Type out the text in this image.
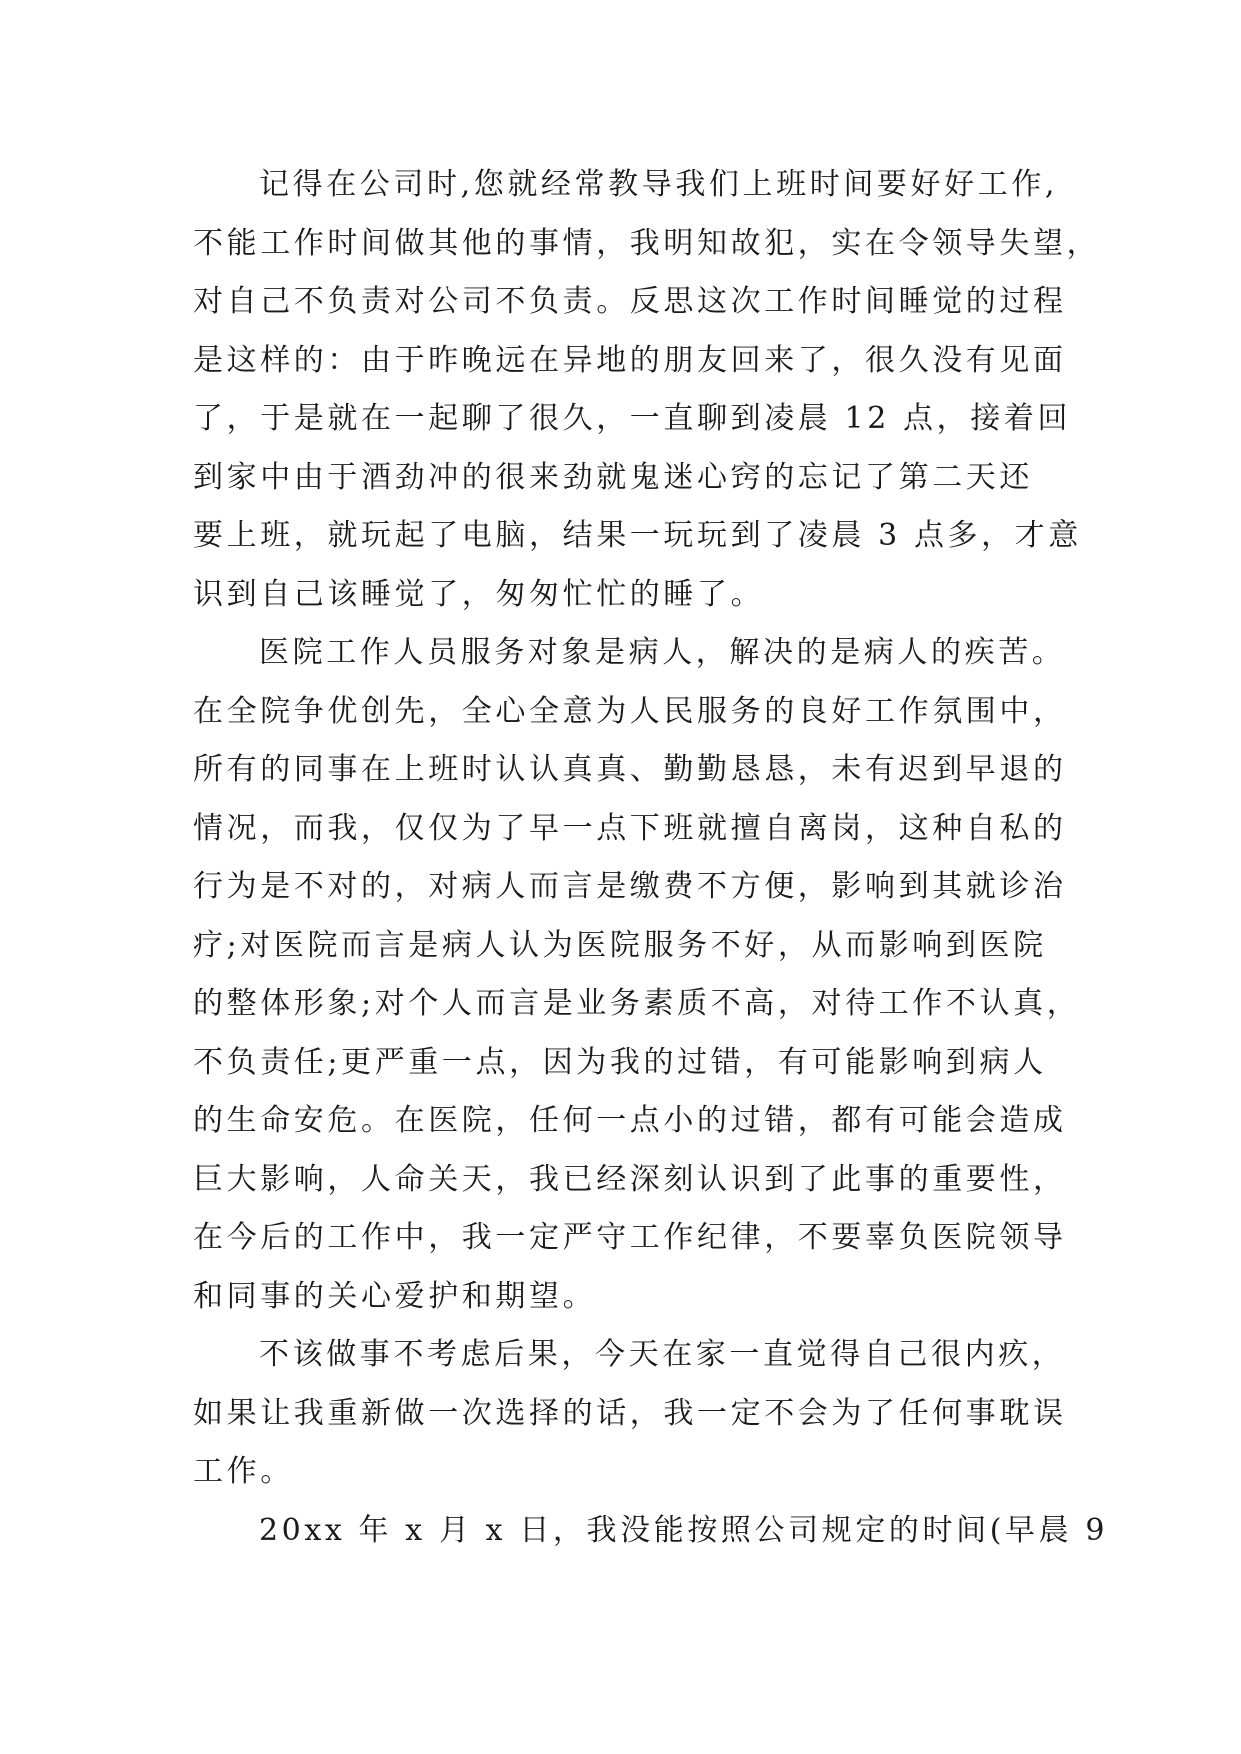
记得在公司时,您就经常教导我们上班时间要好好工作,
不能工作时间做其他的事情，我明知故犯，实在令领导失望，
对自己不负责对公司不负责。反思这次工作时间睡觉的过程
是这样的：由于昨晚远在异地的朋友回来了，很久没有见面
了，于是就在一起聊了很久，一直聊到凌晨 12 点，接着回
到家中由于酒劲冲的很来劲就鬼迷心窍的忘记了第二天还
要上班，就玩起了电脑，结果一玩玩到了凌晨 3 点多，才意
识到自己该睡觉了，匆匆忙忙的睡了。
医院工作人员服务对象是病人，解决的是病人的疾苦。
在全院争优创先，全心全意为人民服务的良好工作氛围中，
所有的同事在上班时认认真真、勤勤恳恳，未有迟到早退的
情况，而我，仅仅为了早一点下班就擅自离岗，这种自私的
行为是不对的，对病人而言是缴费不方便，影响到其就诊治
疗;对医院而言是病人认为医院服务不好，从而影响到医院
的整体形象;对个人而言是业务素质不高，对待工作不认真，
不负责任;更严重一点，因为我的过错，有可能影响到病人
的生命安危。在医院，任何一点小的过错，都有可能会造成
巨大影响，人命关天，我已经深刻认识到了此事的重要性，
在今后的工作中，我一定严守工作纪律，不要辜负医院领导
和同事的关心爱护和期望。
不该做事不考虑后果，今天在家一直觉得自己很内疚，
如果让我重新做一次选择的话，我一定不会为了任何事耽误
工作。
20xx 年 x 月 x 日，我没能按照公司规定的时间(早晨 9
